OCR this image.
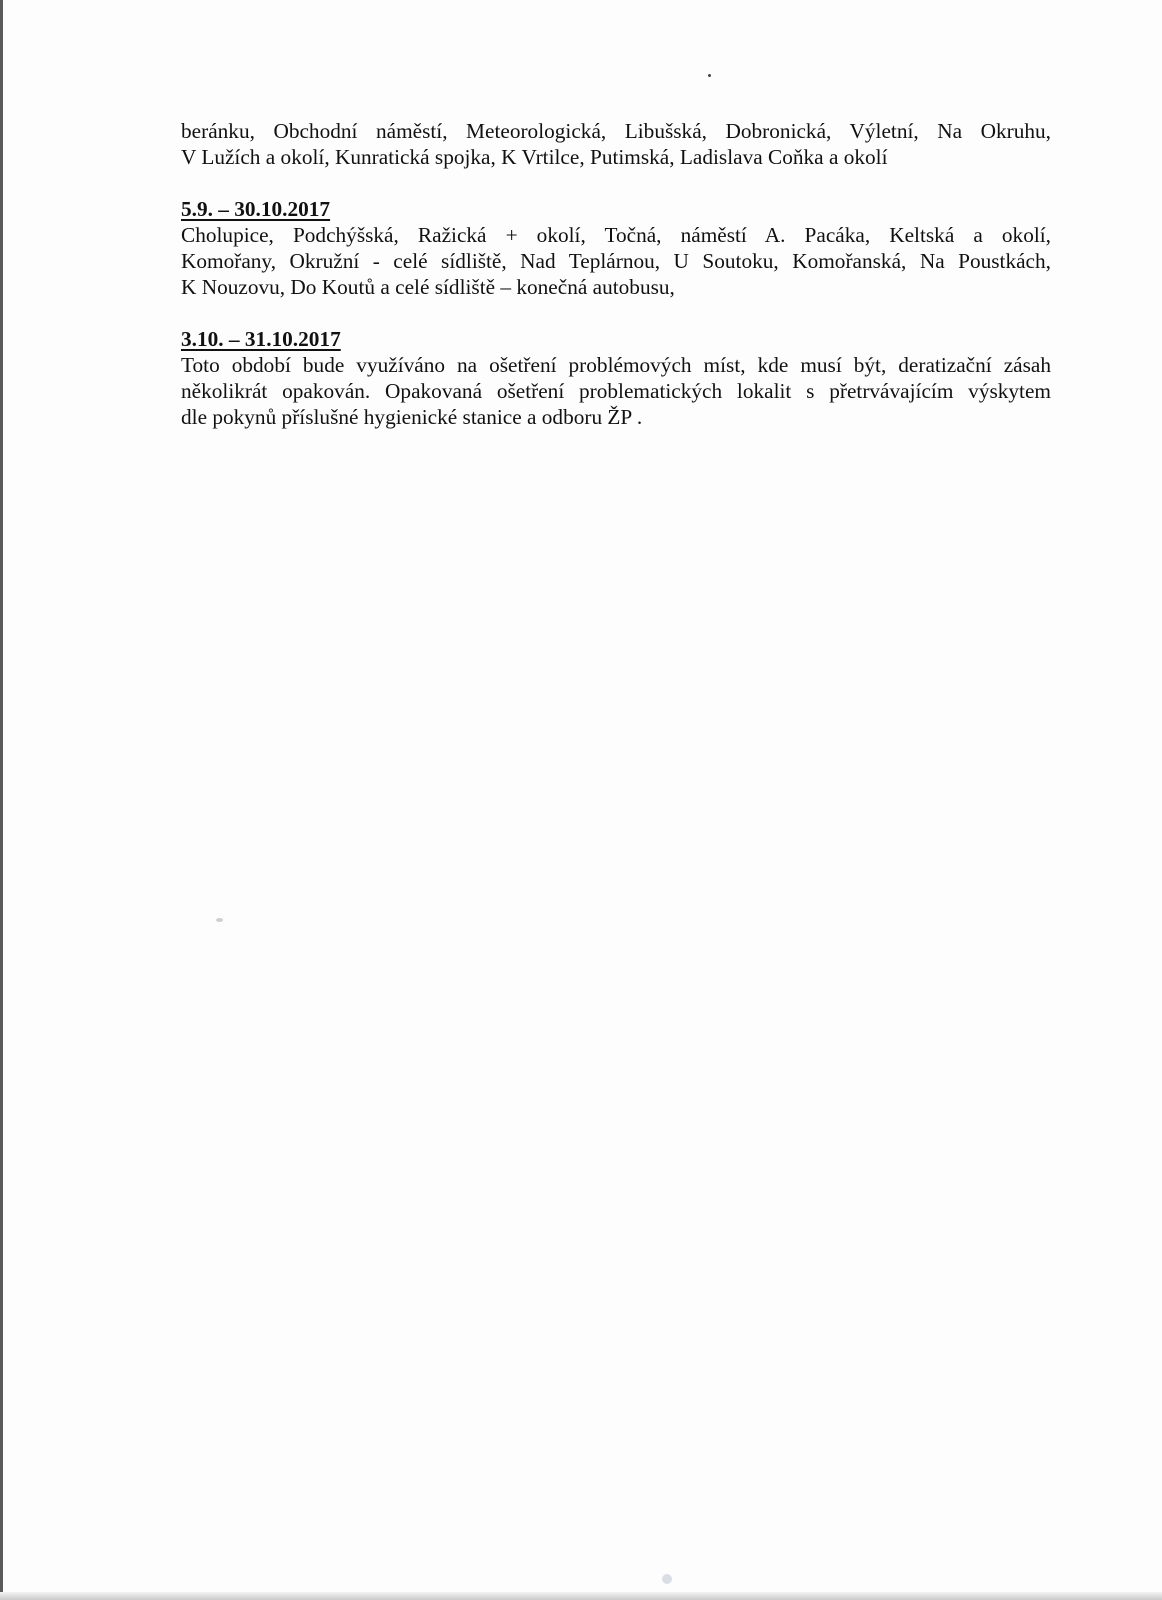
beránku, Obchodní náměstí, Meteorologická, Libušská, Dobronická, Výletní, Na Okruhu,
V Lužích a okolí, Kunratická spojka, K Vrtilce, Putimská, Ladislava Coňka a okolí
5.9. – 30.10.2017
Cholupice, Podchýšská, Ražická + okolí, Točná, náměstí A. Pacáka, Keltská a okolí,
Komořany, Okružní - celé sídliště, Nad Teplárnou, U Soutoku, Komořanská, Na Poustkách,
K Nouzovu, Do Koutů a celé sídliště – konečná autobusu,
3.10. – 31.10.2017
Toto období bude využíváno na ošetření problémových míst, kde musí být, deratizační zásah
několikrát opakován. Opakovaná ošetření problematických lokalit s přetrvávajícím výskytem
dle pokynů příslušné hygienické stanice a odboru ŽP .
